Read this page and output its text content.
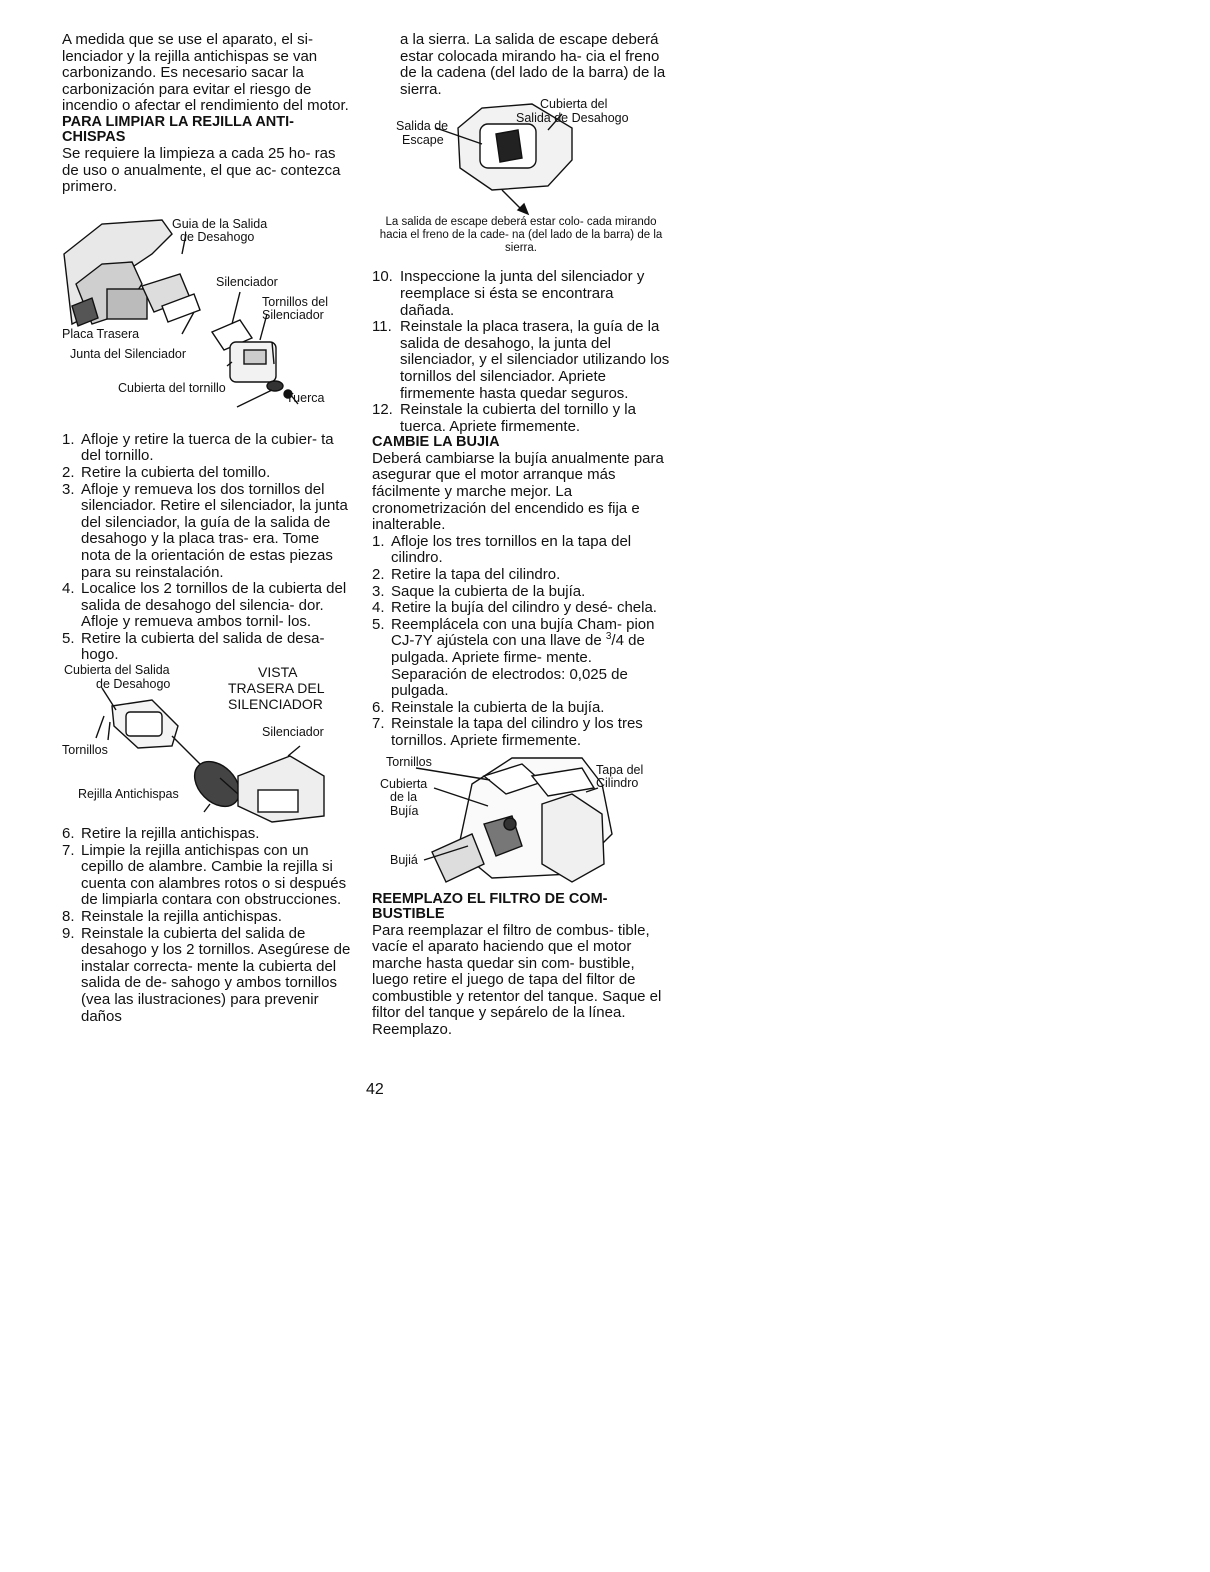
A medida que se use el aparato, el si- lenciador y la rejilla antichispas se van carbonizando. Es necesario sacar la carbonización para evitar el riesgo de incendio o afectar el rendimiento del motor.

PARA LIMPIAR LA REJILLA ANTI- CHISPAS

Se requiere la limpieza a cada 25 ho- ras de uso o anualmente, el que ac- contezca primero.

Guia de la Salida
de Desahogo
Silenciador
Tornillos del
Silenciador
Placa Trasera
Junta del Silenciador
Cubierta del tornillo
Tuerca
1. Afloje y retire la tuerca de la cubier- ta del tornillo.
2. Retire la cubierta del tomillo.
3. Afloje y remueva los dos tornillos del silenciador. Retire el silenciador, la junta del silenciador, la guía de la salida de desahogo y la placa tras- era. Tome nota de la orientación de estas piezas para su reinstalación.
4. Localice los 2 tornillos de la cubierta del salida de desahogo del silencia- dor. Afloje y remueva ambos tornil- los.
5. Retire la cubierta del salida de desa- hogo.
Cubierta del Salida
de Desahogo
VISTA
TRASERA DEL
SILENCIADOR
Silenciador
Tornillos
Rejilla Antichispas
6. Retire la rejilla antichispas.
7. Limpie la rejilla antichispas con un cepillo de alambre. Cambie la rejilla si cuenta con alambres rotos o si después de limpiarla contara con obstrucciones.
8. Reinstale la rejilla antichispas.
9. Reinstale la cubierta del salida de desahogo y los 2 tornillos. Asegúrese de instalar correcta- mente la cubierta del salida de de- sahogo y ambos tornillos (vea las ilustraciones) para prevenir daños

a la sierra. La salida de escape deberá estar colocada mirando ha- cia el freno de la cadena (del lado de la barra) de la sierra.

Cubierta del
Salida de Desahogo
Salida de
Escape

La salida de escape deberá estar colo- cada mirando hacia el freno de la cade- na (del lado de la barra) de la sierra.

10. Inspeccione la junta del silenciador y reemplace si ésta se encontrara dañada.
11. Reinstale la placa trasera, la guía de la salida de desahogo, la junta del silenciador, y el silenciador utilizando los tornillos del silenciador. Apriete firmemente hasta quedar seguros.
12. Reinstale la cubierta del tornillo y la tuerca. Apriete firmemente.

CAMBIE LA BUJIA

Deberá cambiarse la bujía anualmente para asegurar que el motor arranque más fácilmente y marche mejor. La cronometrización del encendido es fija e inalterable.

1. Afloje los tres tornillos en la tapa del cilindro.
2. Retire la tapa del cilindro.
3. Saque la cubierta de la bujía.
4. Retire la bujía del cilindro y desé- chela.
5. Reemplácela con una bujía Cham- pion CJ-7Y ajústela con una llave de $^3$/4 de pulgada. Apriete firme- mente. Separación de electrodos: 0,025 de pulgada.
6. Reinstale la cubierta de la bujía.
7. Reinstale la tapa del cilindro y los tres tornillos. Apriete firmemente.
Tornillos
Cubierta
de la
Bujía
Tapa del
Cilindro
Bujiá

REEMPLAZO EL FILTRO DE COM- BUSTIBLE

Para reemplazar el filtro de combus- tible, vacíe el aparato haciendo que el motor marche hasta quedar sin com- bustible, luego retire el juego de tapa del filtor de combustible y retentor del tanque. Saque el filtor del tanque y sepárelo de la línea. Reemplazo.

42
